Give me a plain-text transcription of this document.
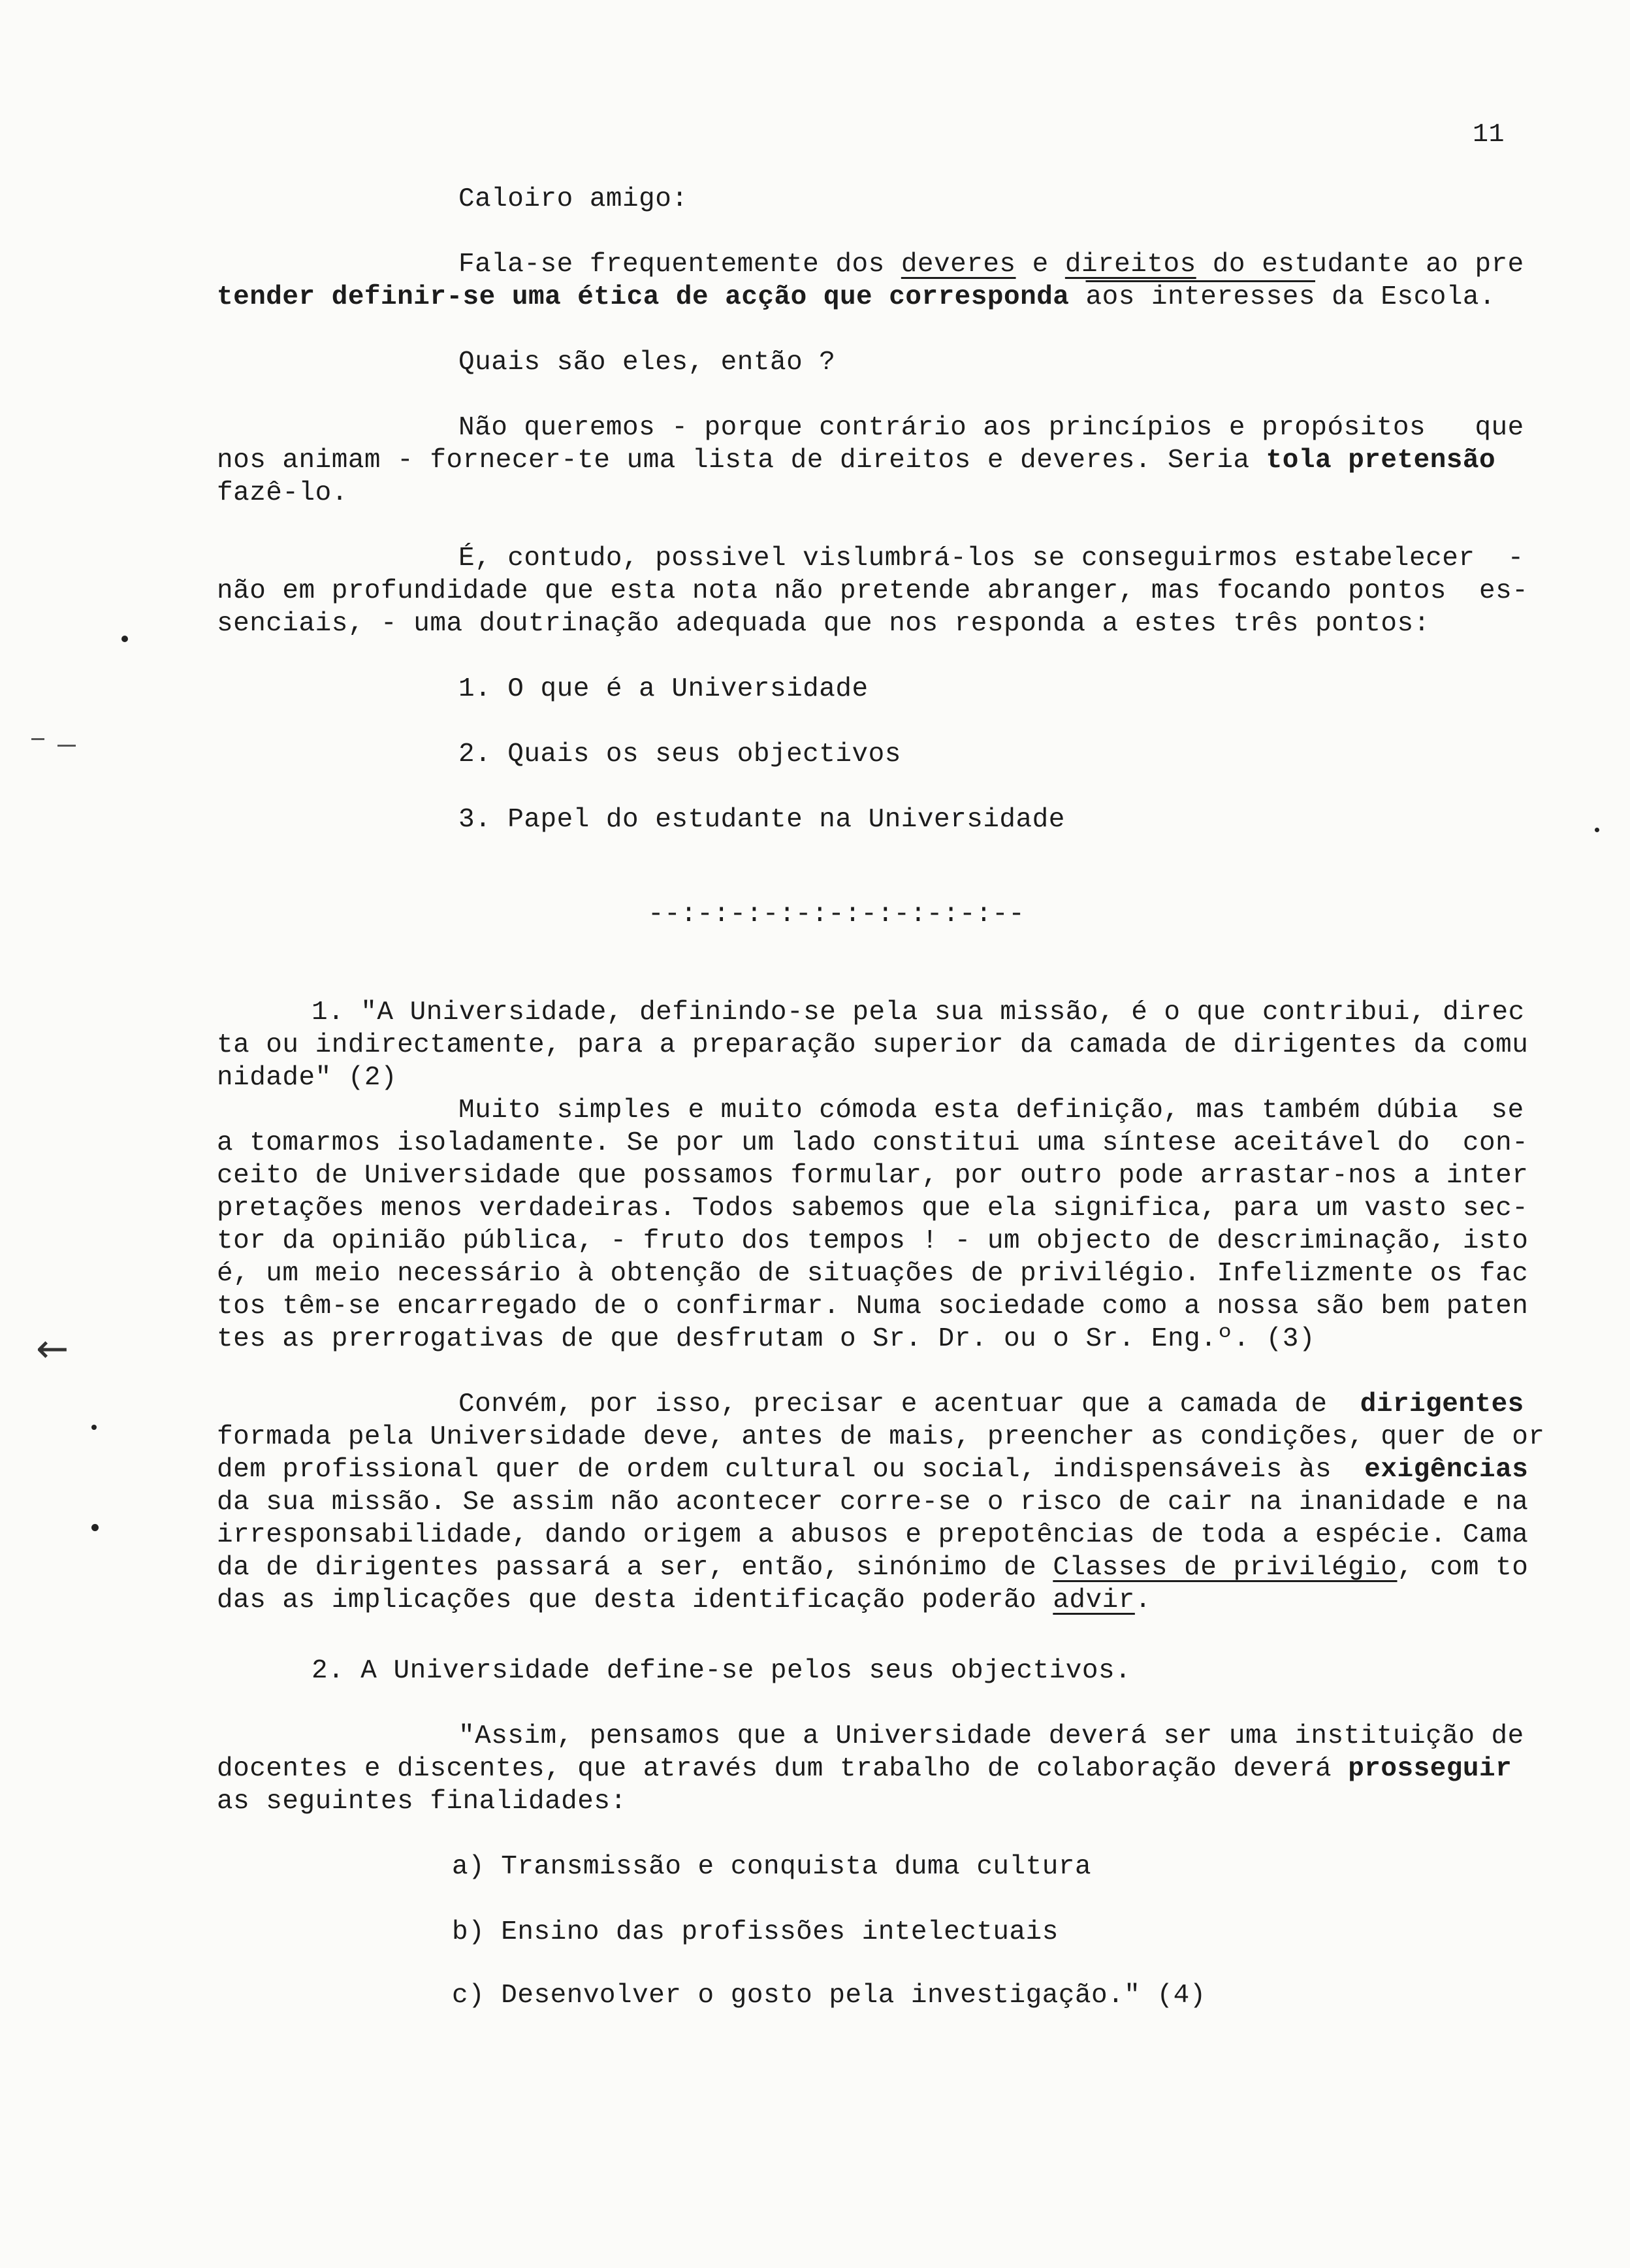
11
Caloiro amigo:
Fala-se frequentemente dos deveres e direitos do estudante ao pre
tender definir-se uma ética de acção que corresponda aos interesses da Escola.
Quais são eles, então ?
Não queremos - porque contrário aos princípios e propósitos   que
nos animam - fornecer-te uma lista de direitos e deveres. Seria tola pretensão
fazê-lo.
É, contudo, possivel vislumbrá-los se conseguirmos estabelecer  -
não em profundidade que esta nota não pretende abranger, mas focando pontos  es-
senciais, - uma doutrinação adequada que nos responda a estes três pontos:
1. O que é a Universidade
2. Quais os seus objectivos
3. Papel do estudante na Universidade
--:-:-:-:-:-:-:-:-:-:--
1. "A Universidade, definindo-se pela sua missão, é o que contribui, direc
ta ou indirectamente, para a preparação superior da camada de dirigentes da comu
nidade" (2)
Muito simples e muito cómoda esta definição, mas também dúbia  se
a tomarmos isoladamente. Se por um lado constitui uma síntese aceitável do  con-
ceito de Universidade que possamos formular, por outro pode arrastar-nos a inter
pretações menos verdadeiras. Todos sabemos que ela significa, para um vasto sec-
tor da opinião pública, - fruto dos tempos ! - um objecto de descriminação, isto
é, um meio necessário à obtenção de situações de privilégio. Infelizmente os fac
tos têm-se encarregado de o confirmar. Numa sociedade como a nossa são bem paten
tes as prerrogativas de que desfrutam o Sr. Dr. ou o Sr. Eng.º. (3)
Convém, por isso, precisar e acentuar que a camada de  dirigentes
formada pela Universidade deve, antes de mais, preencher as condições, quer de or
dem profissional quer de ordem cultural ou social, indispensáveis às  exigências
da sua missão. Se assim não acontecer corre-se o risco de cair na inanidade e na
irresponsabilidade, dando origem a abusos e prepotências de toda a espécie. Cama
da de dirigentes passará a ser, então, sinónimo de Classes de privilégio, com to
das as implicações que desta identificação poderão advir.
2. A Universidade define-se pelos seus objectivos.
"Assim, pensamos que a Universidade deverá ser uma instituição de
docentes e discentes, que através dum trabalho de colaboração deverá prosseguir
as seguintes finalidades:
a) Transmissão e conquista duma cultura
b) Ensino das profissões intelectuais
c) Desenvolver o gosto pela investigação." (4)
←
